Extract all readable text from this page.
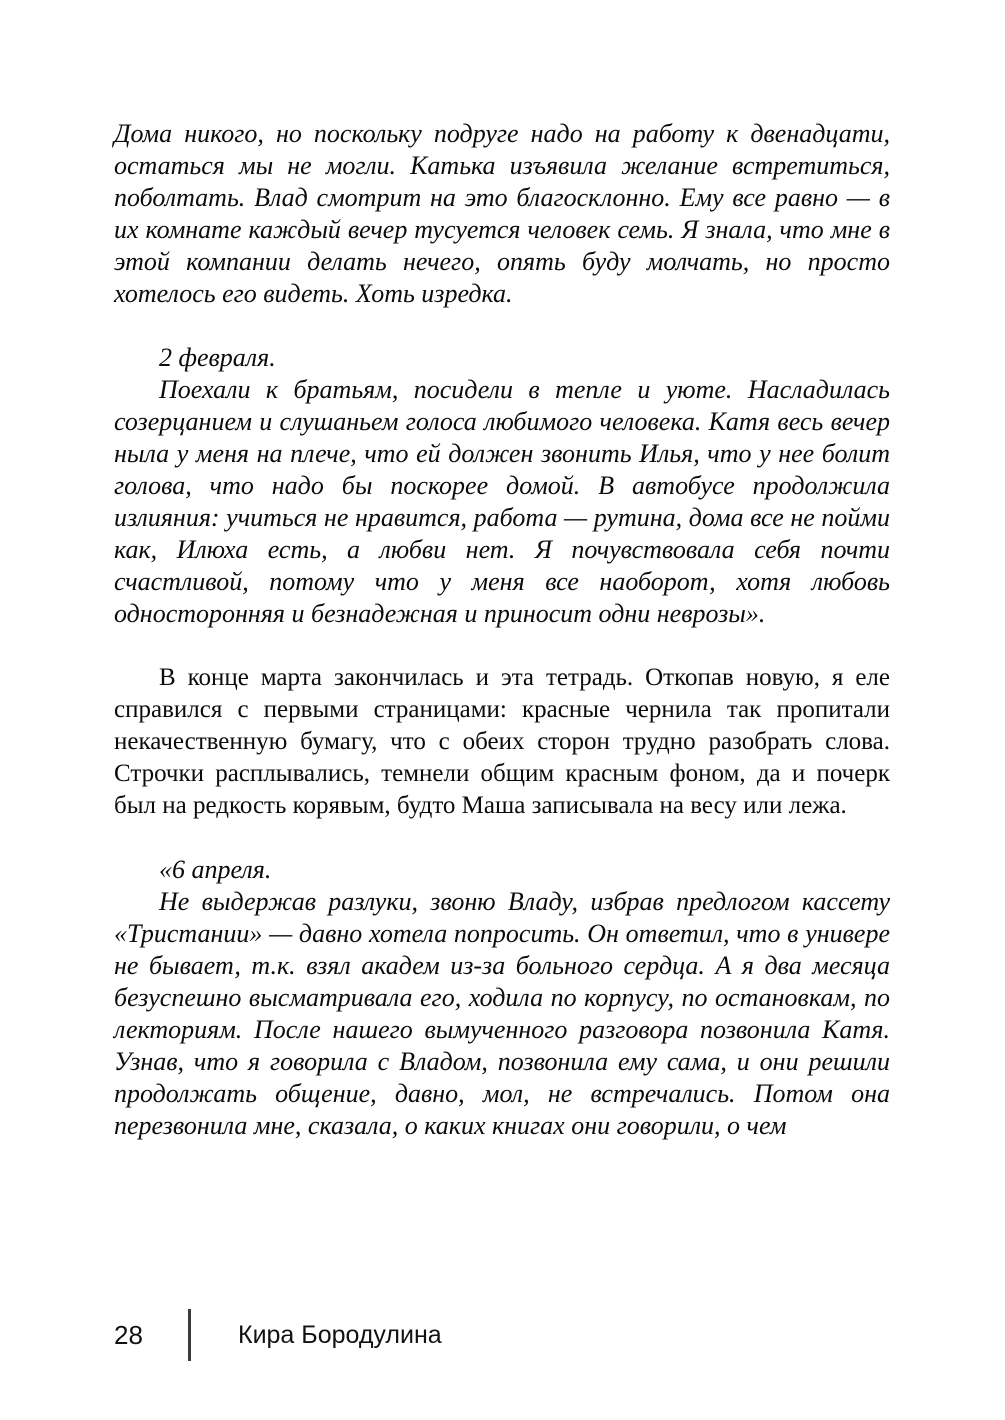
Дома никого, но поскольку подруге надо на работу к двенадцати, остаться мы не могли. Катька изъявила желание встретиться, поболтать. Влад смотрит на это благосклонно. Ему все равно — в их комнате каждый вечер тусуется человек семь. Я знала, что мне в этой компании делать нечего, опять буду молчать, но просто хотелось его видеть. Хоть изредка.

2 февраля.

Поехали к братьям, посидели в тепле и уюте. Насладилась созерцанием и слушаньем голоса любимого человека. Катя весь вечер ныла у меня на плече, что ей должен звонить Илья, что у нее болит голова, что надо бы поскорее домой. В автобусе продолжила излияния: учиться не нравится, работа — рутина, дома все не пойми как, Илюха есть, а любви нет. Я почувствовала себя почти счастливой, потому что у меня все наоборот, хотя любовь односторонняя и безнадежная и приносит одни неврозы».

В конце марта закончилась и эта тетрадь. Откопав новую, я еле справился с первыми страницами: красные чернила так пропитали некачественную бумагу, что с обеих сторон трудно разобрать слова. Строчки расплывались, темнели общим красным фоном, да и почерк был на редкость корявым, будто Маша записывала на весу или лежа.

«6 апреля.

Не выдержав разлуки, звоню Владу, избрав предлогом кассету «Тристании» — давно хотела попросить. Он ответил, что в универе не бывает, т.к. взял академ из-за больного сердца. А я два месяца безуспешно высматривала его, ходила по корпусу, по остановкам, по лекториям. После нашего вымученного разговора позвонила Катя. Узнав, что я говорила с Владом, позвонила ему сама, и они решили продолжать общение, давно, мол, не встречались. Потом она перезвонила мне, сказала, о каких книгах они говорили, о чем

28	Кира Бородулина
